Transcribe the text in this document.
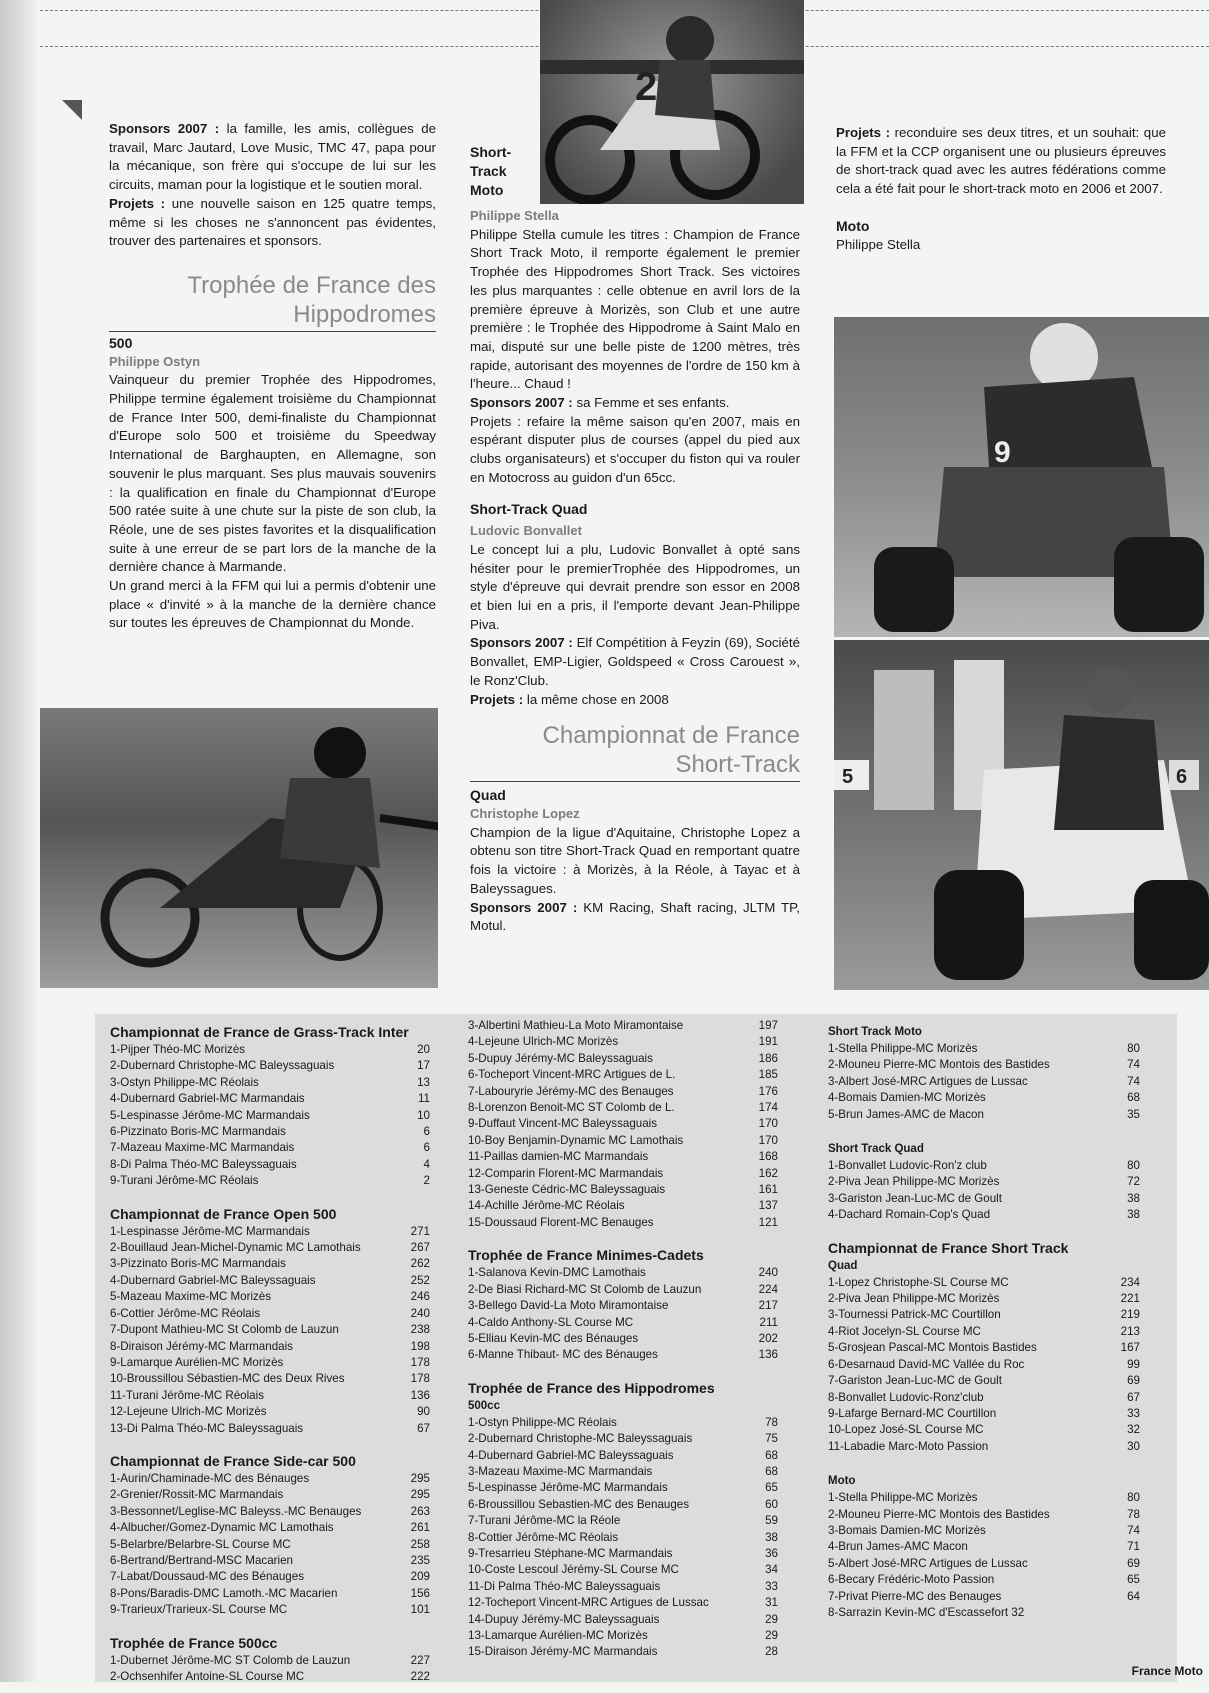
Sponsors 2007 : la famille, les amis, collègues de travail, Marc Jautard, Love Music, TMC 47, papa pour la mécanique, son frère qui s'occupe de lui sur les circuits, maman pour la logistique et le soutien moral.

Projets : une nouvelle saison en 125 quatre temps, même si les choses ne s'annoncent pas évidentes, trouver des partenaires et sponsors.

Trophée de France des
Hippodromes
500
Philippe Ostyn

Vainqueur du premier Trophée des Hippodromes, Philippe termine également troisième du Championnat de France Inter 500, demi-finaliste du Championnat d'Europe solo 500 et troisième du Speedway International de Barghaupten, en Allemagne, son souvenir le plus marquant. Ses plus mauvais souvenirs : la qualification en finale du Championnat d'Europe 500 ratée suite à une chute sur la piste de son club, la Réole, une de ses pistes favorites et la disqualification suite à une erreur de se part lors de la manche de la dernière chance à Marmande.

Un grand merci à la FFM qui lui a permis d'obtenir une place « d'invité » à la manche de la dernière chance sur toutes les épreuves de Championnat du Monde.

Short-
Track
Moto
Philippe Stella

Philippe Stella cumule les titres : Champion de France Short Track Moto, il remporte également le premier Trophée des Hippodromes Short Track. Ses victoires les plus marquantes : celle obtenue en avril lors de la première épreuve à Morizès, son Club et une autre première : le Trophée des Hippodrome à Saint Malo en mai, disputé sur une belle piste de 1200 mètres, très rapide, autorisant des moyennes de l'ordre de 150 km à l'heure... Chaud !

Sponsors 2007 : sa Femme et ses enfants.

Projets : refaire la même saison qu'en 2007, mais en espérant disputer plus de courses (appel du pied aux clubs organisateurs) et s'occuper du fiston qui va rouler en Motocross au guidon d'un 65cc.

Short-Track Quad
Ludovic Bonvallet

Le concept lui a plu, Ludovic Bonvallet à opté sans hésiter pour le premierTrophée des Hippodromes, un style d'épreuve qui devrait prendre son essor en 2008 et bien lui en a pris, il l'emporte devant Jean-Philippe Piva.

Sponsors 2007 : Elf Compétition à Feyzin (69), Société Bonvallet, EMP-Ligier, Goldspeed « Cross Carouest », le Ronz'Club.

Projets : la même chose en 2008

Championnat de France
Short-Track
Quad
Christophe Lopez

Champion de la ligue d'Aquitaine, Christophe Lopez a obtenu son titre Short-Track Quad en remportant quatre fois la victoire : à Morizès, à la Réole, à Tayac et à Baleyssagues.

Sponsors 2007 : KM Racing, Shaft racing, JLTM TP, Motul.

Projets : reconduire ses deux titres, et un souhait: que la FFM et la CCP organisent une ou plusieurs épreuves de short-track quad avec les autres fédérations comme cela a été fait pour le short-track moto en 2006 et 2007.

Moto
Philippe Stella
2
9
5	6
Championnat de France de Grass-Track Inter
1-Pijper Théo-MC Morizès	20
2-Dubernard Christophe-MC Baleyssaguais	17
3-Ostyn Philippe-MC Réolais	13
4-Dubernard Gabriel-MC Marmandais	11
5-Lespinasse Jérôme-MC Marmandais	10
6-Pizzinato Boris-MC Marmandais	6
7-Mazeau Maxime-MC Marmandais	6
8-Di Palma Théo-MC Baleyssaguais	4
9-Turani Jérôme-MC Réolais	2
Championnat de France Open 500
1-Lespinasse Jérôme-MC Marmandais	271
2-Bouillaud Jean-Michel-Dynamic MC Lamothais	267
3-Pizzinato Boris-MC Marmandais	262
4-Dubernard Gabriel-MC Baleyssaguais	252
5-Mazeau Maxime-MC Morizès	246
6-Cottier Jérôme-MC Réolais	240
7-Dupont Mathieu-MC St Colomb de Lauzun	238
8-Diraison Jérémy-MC Marmandais	198
9-Lamarque Aurélien-MC Morizès	178
10-Broussillou Sébastien-MC des Deux Rives	178
11-Turani Jérôme-MC Réolais	136
12-Lejeune Ulrich-MC Morizès	90
13-Di Palma Théo-MC Baleyssaguais	67
Championnat de France Side-car 500
1-Aurin/Chaminade-MC des Bénauges	295
2-Grenier/Rossit-MC Marmandais	295
3-Bessonnet/Leglise-MC Baleyss.-MC Benauges	263
4-Albucher/Gomez-Dynamic MC Lamothais	261
5-Belarbre/Belarbre-SL Course MC	258
6-Bertrand/Bertrand-MSC Macarien	235
7-Labat/Doussaud-MC des Bénauges	209
8-Pons/Baradis-DMC Lamoth.-MC Macarien	156
9-Trarieux/Trarieux-SL Course MC	101
Trophée de France 500cc
1-Dubernet Jérôme-MC ST Colomb de Lauzun	227
2-Ochsenhifer Antoine-SL Course MC	222
3-Albertini Mathieu-La Moto Miramontaise	197
4-Lejeune Ulrich-MC Morizès	191
5-Dupuy Jérémy-MC Baleyssaguais	186
6-Tocheport Vincent-MRC Artigues de L.	185
7-Labouryrie Jérémy-MC des Benauges	176
8-Lorenzon Benoit-MC ST Colomb de L.	174
9-Duffaut Vincent-MC Baleyssaguais	170
10-Boy Benjamin-Dynamic MC Lamothais	170
11-Paillas damien-MC Marmandais	168
12-Comparin Florent-MC Marmandais	162
13-Geneste Cédric-MC Baleyssaguais	161
14-Achille Jérôme-MC Réolais	137
15-Doussaud Florent-MC Benauges	121
Trophée de France Minimes-Cadets
1-Salanova Kevin-DMC Lamothais	240
2-De Biasi Richard-MC St Colomb de Lauzun	224
3-Bellego David-La Moto Miramontaise	217
4-Caldo Anthony-SL Course MC	211
5-Elliau Kevin-MC des Bénauges	202
6-Manne Thibaut- MC des Bénauges	136
Trophée de France des Hippodromes
500cc
1-Ostyn Philippe-MC Réolais	78
2-Dubernard Christophe-MC Baleyssaguais	75
4-Dubernard Gabriel-MC Baleyssaguais	68
3-Mazeau Maxime-MC Marmandais	68
5-Lespinasse Jérôme-MC Marmandais	65
6-Broussillou Sebastien-MC des Benauges	60
7-Turani Jérôme-MC la Réole	59
8-Cottier Jérôme-MC Réolais	38
9-Tresarrieu Stéphane-MC Marmandais	36
10-Coste Lescoul Jérémy-SL Course MC	34
11-Di Palma Théo-MC Baleyssaguais	33
12-Tocheport Vincent-MRC Artigues de Lussac	31
14-Dupuy Jérémy-MC Baleyssaguais	29
13-Lamarque Aurélien-MC Morizès	29
15-Diraison Jérémy-MC Marmandais	28
Short Track Moto
1-Stella Philippe-MC Morizès	80
2-Mouneu Pierre-MC Montois des Bastides	74
3-Albert José-MRC Artigues de Lussac	74
4-Bomais Damien-MC Morizès	68
5-Brun James-AMC de Macon	35
Short Track Quad
1-Bonvallet Ludovic-Ron'z club	80
2-Piva Jean Philippe-MC Morizès	72
3-Gariston Jean-Luc-MC de Goult	38
4-Dachard Romain-Cop's Quad	38
Championnat de France Short Track
Quad
1-Lopez Christophe-SL Course MC	234
2-Piva Jean Philippe-MC Morizès	221
3-Tournessi Patrick-MC Courtillon	219
4-Riot Jocelyn-SL Course MC	213
5-Grosjean Pascal-MC Montois Bastides	167
6-Desarnaud David-MC Vallée du Roc	99
7-Gariston Jean-Luc-MC de Goult	69
8-Bonvallet Ludovic-Ronz'club	67
9-Lafarge Bernard-MC Courtillon	33
10-Lopez José-SL Course MC	32
11-Labadie Marc-Moto Passion	30
Moto
1-Stella Philippe-MC Morizès	80
2-Mouneu Pierre-MC Montois des Bastides	78
3-Bomais Damien-MC Morizès	74
4-Brun James-AMC Macon	71
5-Albert José-MRC Artigues de Lussac	69
6-Becary Frédéric-Moto Passion	65
7-Privat Pierre-MC des Benauges	64
8-Sarrazin Kevin-MC d'Escassefort 32
France Moto
